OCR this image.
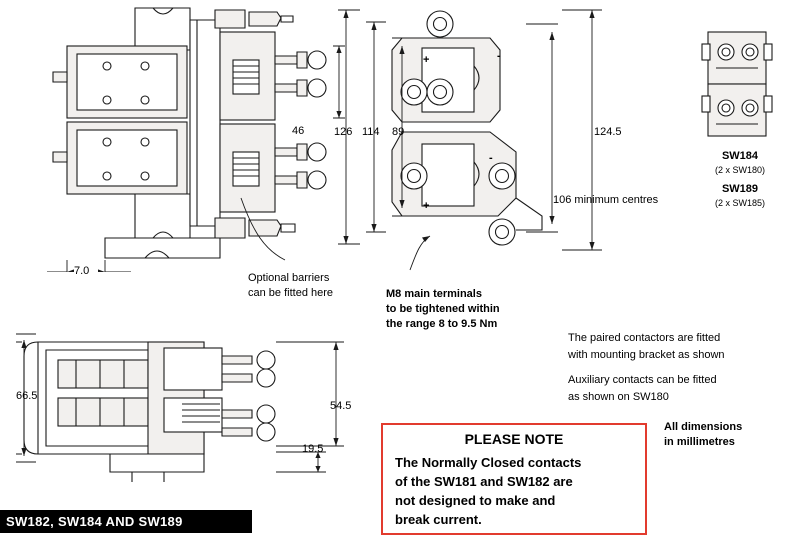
46
7.0
Optional barriers
can be fitted here
126 114 89	124.5
106 minimum centres
+	-
+
-
M8 main terminals
to be tightened within
the range 8 to 9.5 Nm
SW184
(2 x SW180)
SW189
(2 x SW185)
66.5
54.5
19.5
The paired contactors are fitted
with mounting bracket as shown
Auxiliary contacts can be fitted
as shown on SW180
All dimensions
in millimetres
PLEASE NOTE
The Normally Closed contacts
of the SW181 and SW182 are
not designed to make and
break current.
SW182, SW184 AND SW189
